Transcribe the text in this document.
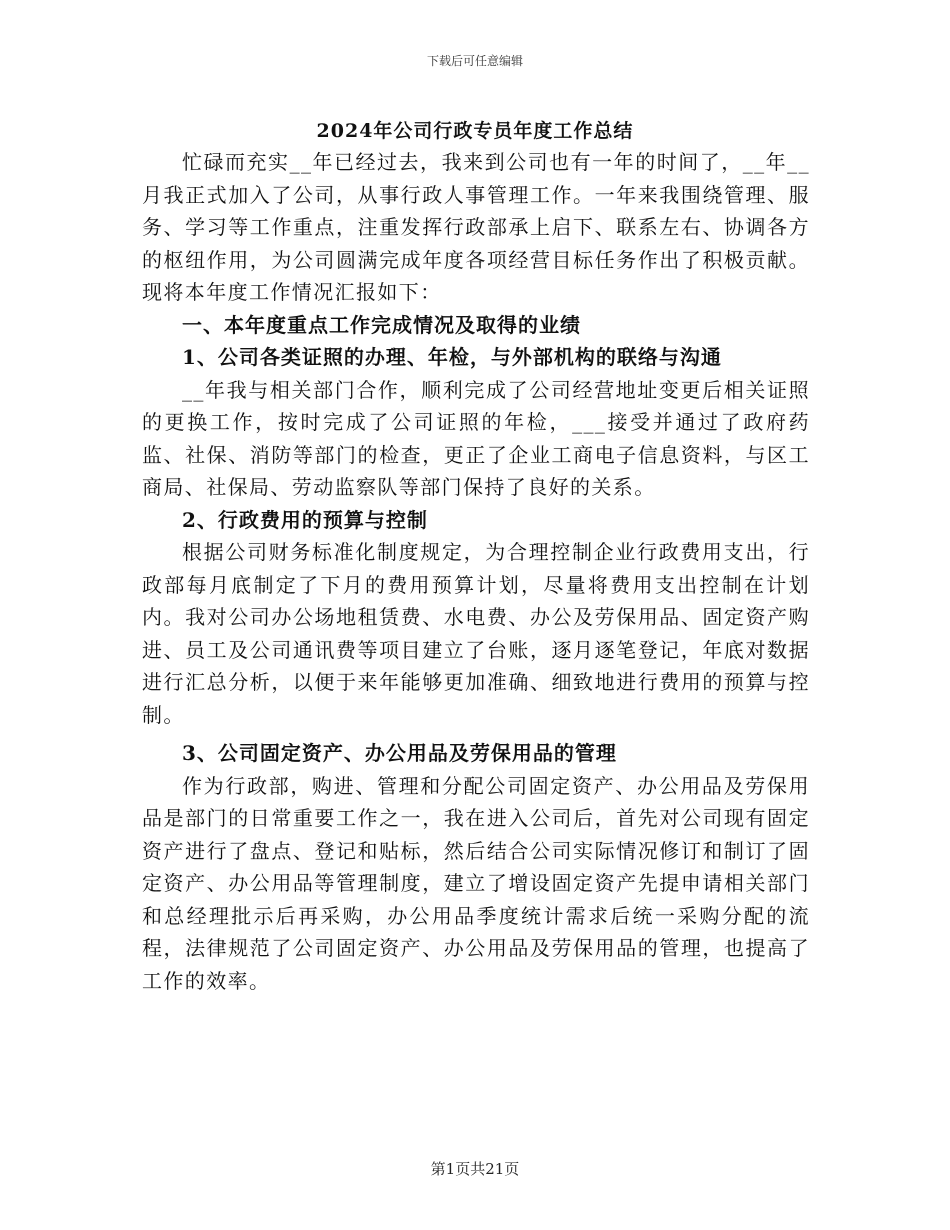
下载后可任意编辑
2024年公司行政专员年度工作总结

忙碌而充实__年已经过去，我来到公司也有一年的时间了，__年__月我正式加入了公司，从事行政人事管理工作。一年来我围绕管理、服务、学习等工作重点，注重发挥行政部承上启下、联系左右、协调各方的枢纽作用，为公司圆满完成年度各项经营目标任务作出了积极贡献。现将本年度工作情况汇报如下：

一、本年度重点工作完成情况及取得的业绩
1、公司各类证照的办理、年检，与外部机构的联络与沟通

__年我与相关部门合作，顺利完成了公司经营地址变更后相关证照的更换工作，按时完成了公司证照的年检，___接受并通过了政府药监、社保、消防等部门的检查，更正了企业工商电子信息资料，与区工商局、社保局、劳动监察队等部门保持了良好的关系。

2、行政费用的预算与控制

根据公司财务标准化制度规定，为合理控制企业行政费用支出，行政部每月底制定了下月的费用预算计划，尽量将费用支出控制在计划内。我对公司办公场地租赁费、水电费、办公及劳保用品、固定资产购进、员工及公司通讯费等项目建立了台账，逐月逐笔登记，年底对数据进行汇总分析，以便于来年能够更加准确、细致地进行费用的预算与控制。

3、公司固定资产、办公用品及劳保用品的管理

作为行政部，购进、管理和分配公司固定资产、办公用品及劳保用品是部门的日常重要工作之一，我在进入公司后，首先对公司现有固定资产进行了盘点、登记和贴标，然后结合公司实际情况修订和制订了固定资产、办公用品等管理制度，建立了增设固定资产先提申请相关部门和总经理批示后再采购，办公用品季度统计需求后统一采购分配的流程，法律规范了公司固定资产、办公用品及劳保用品的管理，也提高了工作的效率。

第1页共21页
